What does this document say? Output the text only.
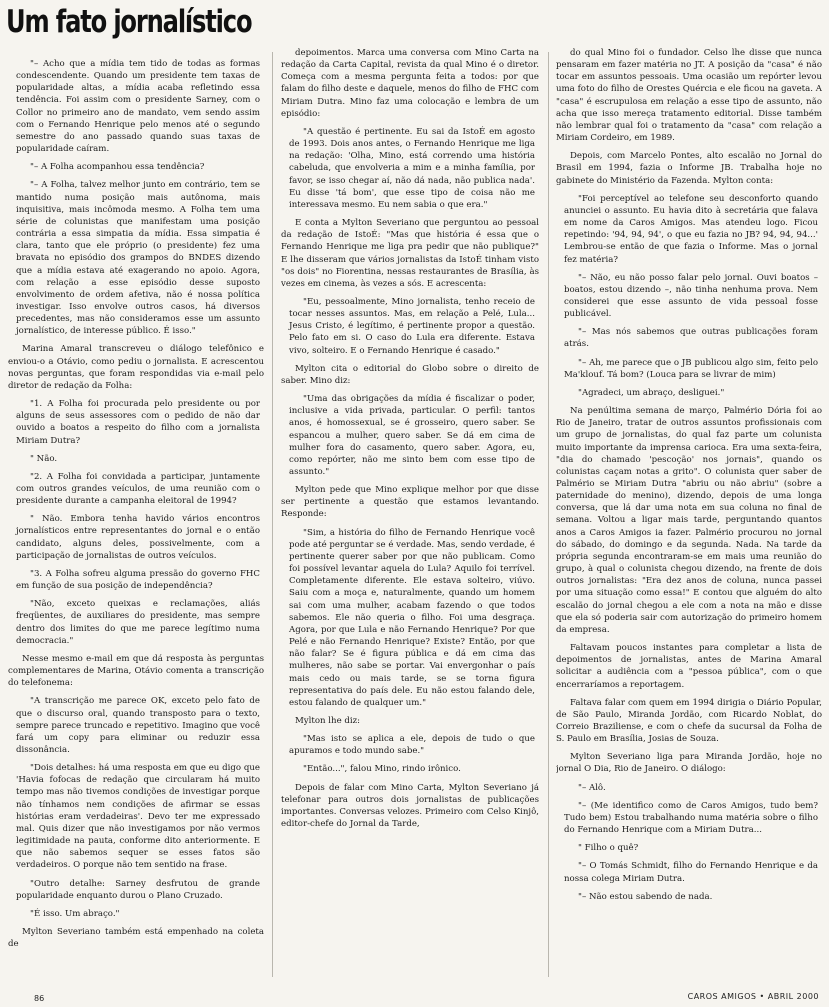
Um fato jornalístico

"– Acho que a mídia tem tido de todas as formas condescendente. Quando um presidente tem taxas de popularidade altas, a mídia acaba refletindo essa tendência. Foi assim com o presidente Sarney, com o Collor no primeiro ano de mandato, vem sendo assim com o Fernando Henrique pelo menos até o segundo semestre do ano passado quando suas taxas de popularidade caíram.

"– A Folha acompanhou essa tendência?

"– A Folha, talvez melhor junto em contrário, tem se mantido numa posição mais autônoma, mais inquisitiva, mais incômoda mesmo. A Folha tem uma série de colunistas que manifestam uma posição contrária a essa simpatia da mídia. Essa simpatia é clara, tanto que ele próprio (o presidente) fez uma bravata no episódio dos grampos do BNDES dizendo que a mídia estava até exagerando no apoio. Agora, com relação a esse episódio desse suposto envolvimento de ordem afetiva, não é nossa política investigar. Isso envolve outros casos, há diversos precedentes, mas não consideramos esse um assunto jornalístico, de interesse público. É isso."

Marina Amaral transcreveu o diálogo telefônico e enviou-o a Otávio, como pediu o jornalista. E acrescentou novas perguntas, que foram respondidas via e-mail pelo diretor de redação da Folha:

"1. A Folha foi procurada pelo presidente ou por alguns de seus assessores com o pedido de não dar ouvido a boatos a respeito do filho com a jornalista Miriam Dutra?

" Não.

"2. A Folha foi convidada a participar, juntamente com outros grandes veículos, de uma reunião com o presidente durante a campanha eleitoral de 1994?

" Não. Embora tenha havido vários encontros jornalísticos entre representantes do jornal e o então candidato, alguns deles, possivelmente, com a participação de jornalistas de outros veículos.

"3. A Folha sofreu alguma pressão do governo FHC em função de sua posição de independência?

"Não, exceto queixas e reclamações, aliás freqüentes, de auxiliares do presidente, mas sempre dentro dos limites do que me parece legítimo numa democracia."

Nesse mesmo e-mail em que dá resposta às perguntas complementares de Marina, Otávio comenta a transcrição do telefonema:

"A transcrição me parece OK, exceto pelo fato de que o discurso oral, quando transposto para o texto, sempre parece truncado e repetitivo. Imagino que você fará um copy para eliminar ou reduzir essa dissonância.

"Dois detalhes: há uma resposta em que eu digo que 'Havia fofocas de redação que circularam há muito tempo mas não tivemos condições de investigar porque não tínhamos nem condições de afirmar se essas histórias eram verdadeiras'. Devo ter me expressado mal. Quis dizer que não investigamos por não vermos legitimidade na pauta, conforme dito anteriormente. E que não sabemos sequer se esses fatos são verdadeiros. O porque não tem sentido na frase.

"Outro detalhe: Sarney desfrutou de grande popularidade enquanto durou o Plano Cruzado.

"É isso. Um abraço."

Mylton Severiano também está empenhado na coleta de

depoimentos. Marca uma conversa com Mino Carta na redação da Carta Capital, revista da qual Mino é o diretor. Começa com a mesma pergunta feita a todos: por que falam do filho deste e daquele, menos do filho de FHC com Miriam Dutra. Mino faz uma colocação e lembra de um episódio:

"A questão é pertinente. Eu sai da IstoÉ em agosto de 1993. Dois anos antes, o Fernando Henrique me liga na redação: 'Olha, Mino, está correndo uma história cabeluda, que envolveria a mim e a minha família, por favor, se isso chegar aí, não dá nada, não publica nada'. Eu disse 'tá bom', que esse tipo de coisa não me interessava mesmo. Eu nem sabia o que era."

E conta a Mylton Severiano que perguntou ao pessoal da redação de IstoÉ: "Mas que história é essa que o Fernando Henrique me liga pra pedir que não publique?" E lhe disseram que vários jornalistas da IstoÉ tinham visto "os dois" no Fiorentina, nessas restaurantes de Brasília, às vezes em cinema, às vezes a sós. E acrescenta:

"Eu, pessoalmente, Mino jornalista, tenho receio de tocar nesses assuntos. Mas, em relação a Pelé, Lula... Jesus Cristo, é legítimo, é pertinente propor a questão. Pelo fato em si. O caso do Lula era diferente. Estava vivo, solteiro. E o Fernando Henrique é casado."

Mylton cita o editorial do Globo sobre o direito de saber. Mino diz:

"Uma das obrigações da mídia é fiscalizar o poder, inclusive a vida privada, particular. O perfil: tantos anos, é homossexual, se é grosseiro, quero saber. Se espancou a mulher, quero saber. Se dá em cima de mulher fora do casamento, quero saber. Agora, eu, como repórter, não me sinto bem com esse tipo de assunto."

Mylton pede que Mino explique melhor por que disse ser pertinente a questão que estamos levantando. Responde:

"Sim, a história do filho de Fernando Henrique você pode até perguntar se é verdade. Mas, sendo verdade, é pertinente querer saber por que não publicam. Como foi possível levantar aquela do Lula? Aquilo foi terrível. Completamente diferente. Ele estava solteiro, viúvo. Saiu com a moça e, naturalmente, quando um homem sai com uma mulher, acabam fazendo o que todos sabemos. Ele não queria o filho. Foi uma desgraça. Agora, por que Lula e não Fernando Henrique? Por que Pelé e não Fernando Henrique? Existe? Então, por que não falar? Se é figura pública e dá em cima das mulheres, não sabe se portar. Vai envergonhar o país mais cedo ou mais tarde, se se torna figura representativa do país dele. Eu não estou falando dele, estou falando de qualquer um."

Mylton lhe diz:

"Mas isto se aplica a ele, depois de tudo o que apuramos e todo mundo sabe."

"Então...", falou Mino, rindo irônico.

Depois de falar com Mino Carta, Mylton Severiano já telefonar para outros dois jornalistas de publicações importantes. Conversas velozes. Primeiro com Celso Kinjô, editor-chefe do Jornal da Tarde,

do qual Mino foi o fundador. Celso lhe disse que nunca pensaram em fazer matéria no JT. A posição da "casa" é não tocar em assuntos pessoais. Uma ocasião um repórter levou uma foto do filho de Orestes Quércia e ele ficou na gaveta. A "casa" é escrupulosa em relação a esse tipo de assunto, não acha que isso mereça tratamento editorial. Disse também não lembrar qual foi o tratamento da "casa" com relação a Miriam Cordeiro, em 1989.

Depois, com Marcelo Pontes, alto escalão no Jornal do Brasil em 1994, fazia o Informe JB. Trabalha hoje no gabinete do Ministério da Fazenda. Mylton conta:

"Foi perceptível ao telefone seu desconforto quando anunciei o assunto. Eu havia dito à secretária que falava em nome da Caros Amigos. Mas atendeu logo. Ficou repetindo: '94, 94, 94', o que eu fazia no JB? 94, 94, 94...' Lembrou-se então de que fazia o Informe. Mas o jornal fez matéria?

"– Não, eu não posso falar pelo jornal. Ouvi boatos – boatos, estou dizendo –, não tinha nenhuma prova. Nem considerei que esse assunto de vida pessoal fosse publicável.

"– Mas nós sabemos que outras publicações foram atrás.

"– Ah, me parece que o JB publicou algo sim, feito pelo Ma'klouf. Tá bom? (Louca para se livrar de mim)

"Agradeci, um abraço, desliguei."

Na penúltima semana de março, Palmério Dória foi ao Rio de Janeiro, tratar de outros assuntos profissionais com um grupo de jornalistas, do qual faz parte um colunista muito importante da imprensa carioca. Era uma sexta-feira, "dia do chamado 'pescoção' nos jornais", quando os colunistas caçam notas a grito". O colunista quer saber de Palmério se Miriam Dutra "abriu ou não abriu" (sobre a paternidade do menino), dizendo, depois de uma longa conversa, que lá dar uma nota em sua coluna no final de semana. Voltou a ligar mais tarde, perguntando quantos anos a Caros Amigos ia fazer. Palmério procurou no jornal do sábado, do domingo e da segunda. Nada. Na tarde da própria segunda encontraram-se em mais uma reunião do grupo, à qual o colunista chegou dizendo, na frente de dois outros jornalistas: "Era dez anos de coluna, nunca passei por uma situação como essa!" E contou que alguém do alto escalão do jornal chegou a ele com a nota na mão e disse que ela só poderia sair com autorização do primeiro homem da empresa.

Faltavam poucos instantes para completar a lista de depoimentos de jornalistas, antes de Marina Amaral solicitar a audiência com a "pessoa pública", com o que encerraríamos a reportagem.

Faltava falar com quem em 1994 dirigia o Diário Popular, de São Paulo, Miranda Jordão, com Ricardo Noblat, do Correio Braziliense, e com o chefe da sucursal da Folha de S. Paulo em Brasília, Josias de Souza.

Mylton Severiano liga para Miranda Jordão, hoje no jornal O Dia, Rio de Janeiro. O diálogo:

"– Alô.

"– (Me identifico como de Caros Amigos, tudo bem? Tudo bem) Estou trabalhando numa matéria sobre o filho do Fernando Henrique com a Miriam Dutra...

" Filho o quê?

"– O Tomás Schmidt, filho do Fernando Henrique e da nossa colega Miriam Dutra.

"– Não estou sabendo de nada.

86	CAROS AMIGOS • ABRIL 2000
